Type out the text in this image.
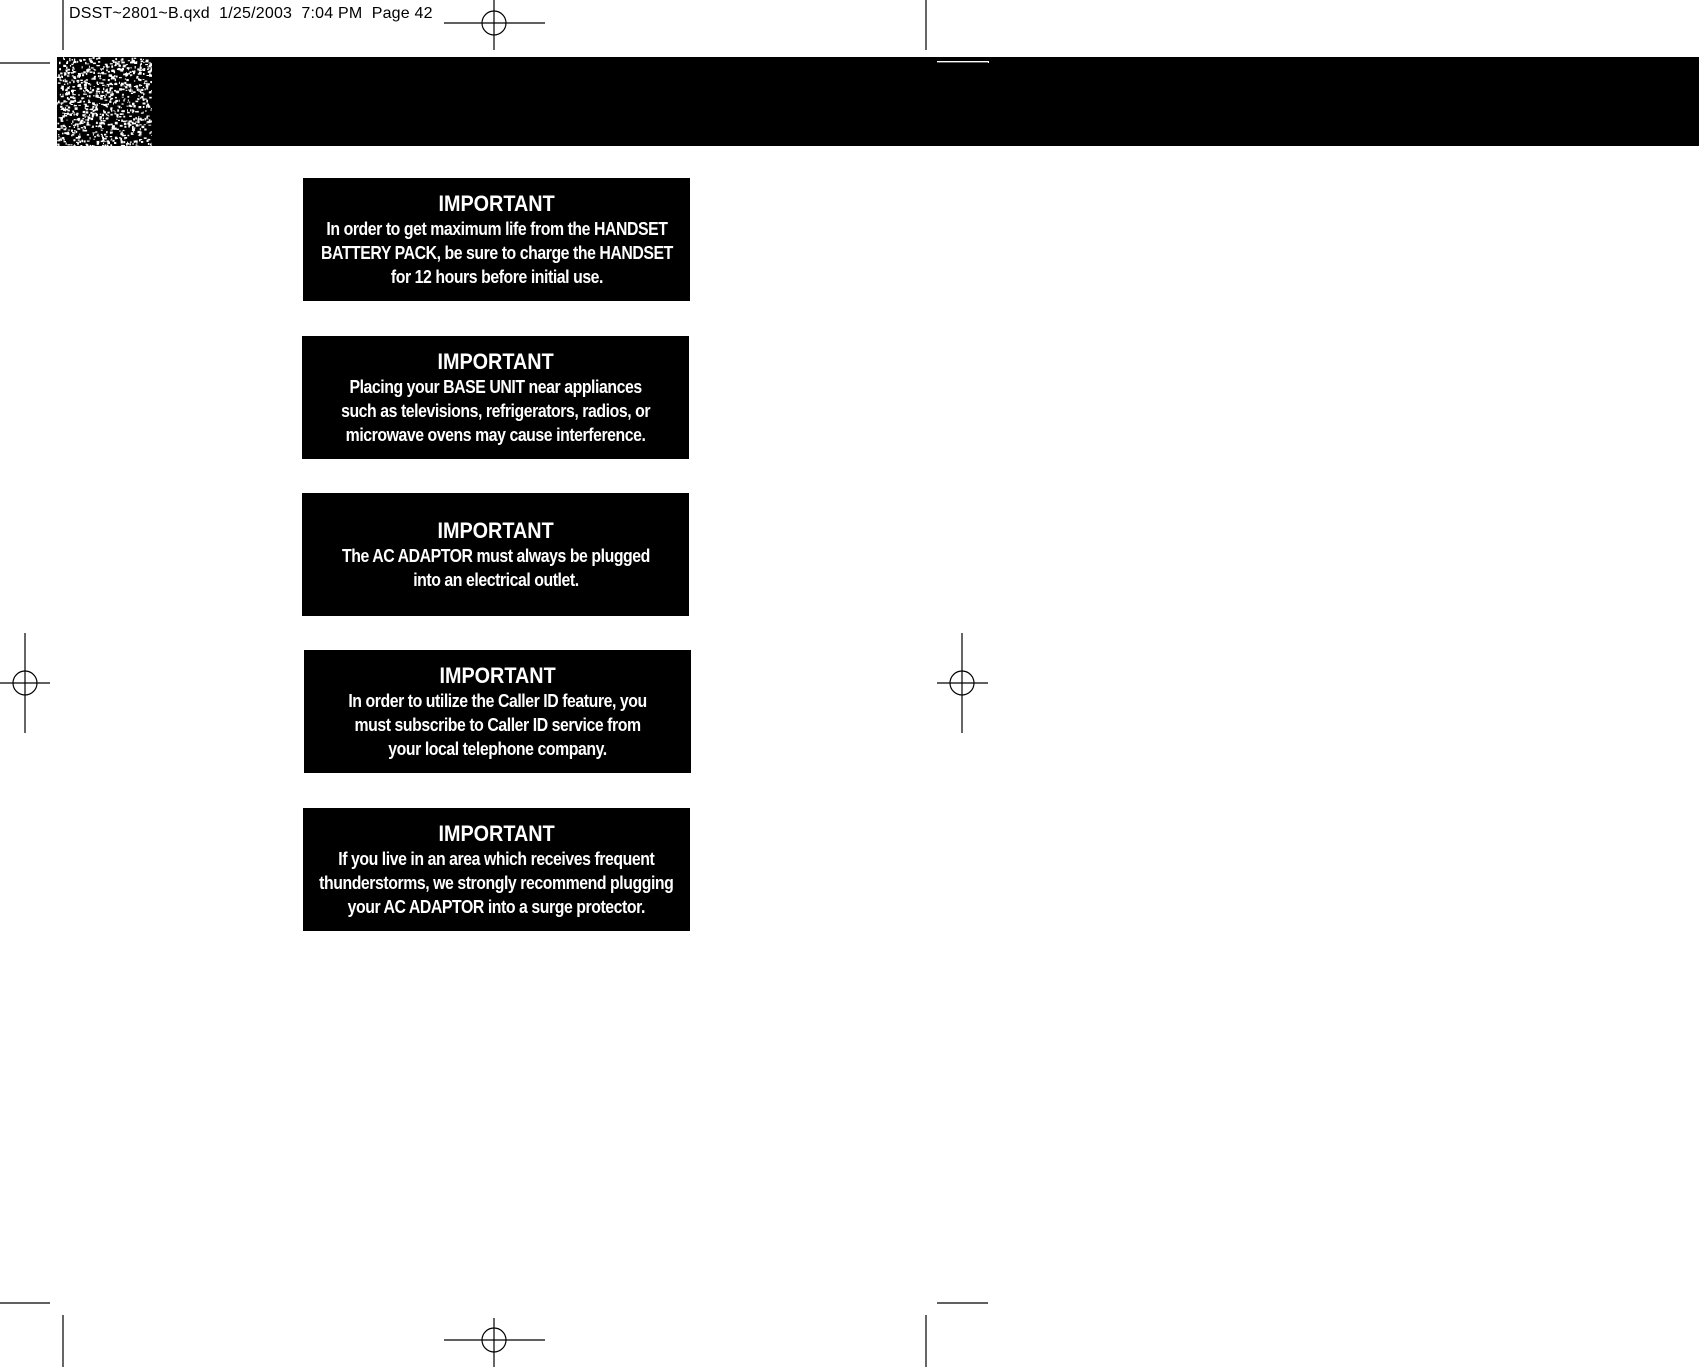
DSST~2801~B.qxd  1/25/2003  7:04 PM  Page 42
IMPORTANT
In order to get maximum life from the HANDSET
BATTERY PACK, be sure to charge the HANDSET
for 12 hours before initial use.
IMPORTANT
Placing your BASE UNIT near appliances
such as televisions, refrigerators, radios, or
microwave ovens may cause interference.
IMPORTANT
The AC ADAPTOR must always be plugged
into an electrical outlet.
IMPORTANT
In order to utilize the Caller ID feature, you
must subscribe to Caller ID service from
your local telephone company.
IMPORTANT
If you live in an area which receives frequent
thunderstorms, we strongly recommend plugging
your AC ADAPTOR into a surge protector.
